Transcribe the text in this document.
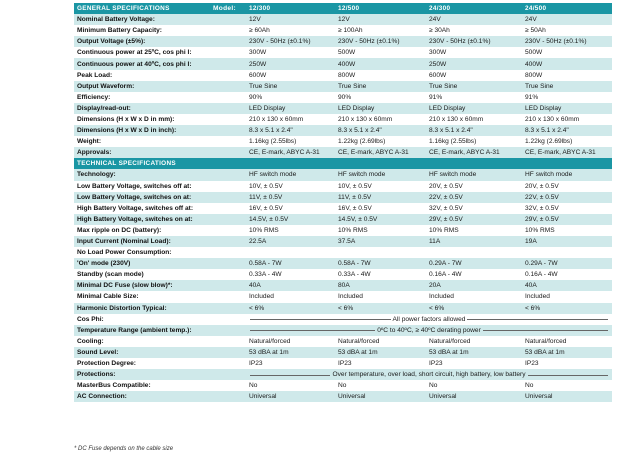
GENERAL SPECIFICATIONS Model:	12/300	12/500	24/300	24/500
Nominal Battery Voltage:	12V	12V	24V	24V
Minimum Battery Capacity:	≥ 60Ah	≥ 100Ah	≥ 30Ah	≥ 50Ah
Output Voltage (±5%):	230V - 50Hz (±0.1%)	230V - 50Hz (±0.1%)	230V - 50Hz (±0.1%)	230V - 50Hz (±0.1%)
Continuous power at 25ºC, cos phi I:	300W	500W	300W	500W
Continuous power at 40ºC, cos phi I:	250W	400W	250W	400W
Peak Load:	600W	800W	600W	800W
Output Waveform:	True Sine	True Sine	True Sine	True Sine
Efficiency:	90%	90%	91%	91%
Display/read-out:	LED Display	LED Display	LED Display	LED Display
Dimensions (H x W x D in mm):	210 x 130 x 60mm	210 x 130 x 60mm	210 x 130 x 60mm	210 x 130 x 60mm
Dimensions (H x W x D in inch):	8.3 x 5.1 x 2.4"	8.3 x 5.1 x 2.4"	8.3 x 5.1 x 2.4"	8.3 x 5.1 x 2.4"
Weight:	1.16kg (2.55lbs)	1.22kg (2.69lbs)	1.16kg (2.55lbs)	1.22kg (2.69lbs)
Approvals:	CE, E-mark, ABYC A-31	CE, E-mark, ABYC A-31	CE, E-mark, ABYC A-31	CE, E-mark, ABYC A-31
TECHNICAL SPECIFICATIONS				
Technology:	HF switch mode	HF switch mode	HF switch mode	HF switch mode
Low Battery Voltage, switches off at:	10V, ± 0.5V	10V, ± 0.5V	20V, ± 0.5V	20V, ± 0.5V
Low Battery Voltage, switches on at:	11V, ± 0.5V	11V, ± 0.5V	22V, ± 0.5V	22V, ± 0.5V
High Battery Voltage, switches off at:	16V, ± 0.5V	16V, ± 0.5V	32V, ± 0.5V	32V, ± 0.5V
High Battery Voltage, switches on at:	14.5V, ± 0.5V	14.5V, ± 0.5V	29V, ± 0.5V	29V, ± 0.5V
Max ripple on DC (battery):	10% RMS	10% RMS	10% RMS	10% RMS
Input Current (Nominal Load):	22.5A	37.5A	11A	19A
No Load Power Consumption:				
'On' mode (230V)	0.58A - 7W	0.58A - 7W	0.29A - 7W	0.29A - 7W
Standby (scan mode)	0.33A - 4W	0.33A - 4W	0.16A - 4W	0.16A - 4W
Minimal DC Fuse (slow blow)*:	40A	80A	20A	40A
Minimal Cable Size:	Included	Included	Included	Included
Harmonic Distortion Typical:	< 6%	< 6%	< 6%	< 6%
Cos Phi:	All power factors allowed			
Temperature Range (ambient temp.):	0ºC to 40ºC, ≥ 40ºC derating power			
Cooling:	Natural/forced	Natural/forced	Natural/forced	Natural/forced
Sound Level:	53 dBA at 1m	53 dBA at 1m	53 dBA at 1m	53 dBA at 1m
Protection Degree:	IP23	IP23	IP23	IP23
Protections:	Over temperature, over load, short circuit, high battery, low battery			
MasterBus Compatible:	No	No	No	No
AC Connection:	Universal	Universal	Universal	Universal
* DC Fuse depends on the cable size
